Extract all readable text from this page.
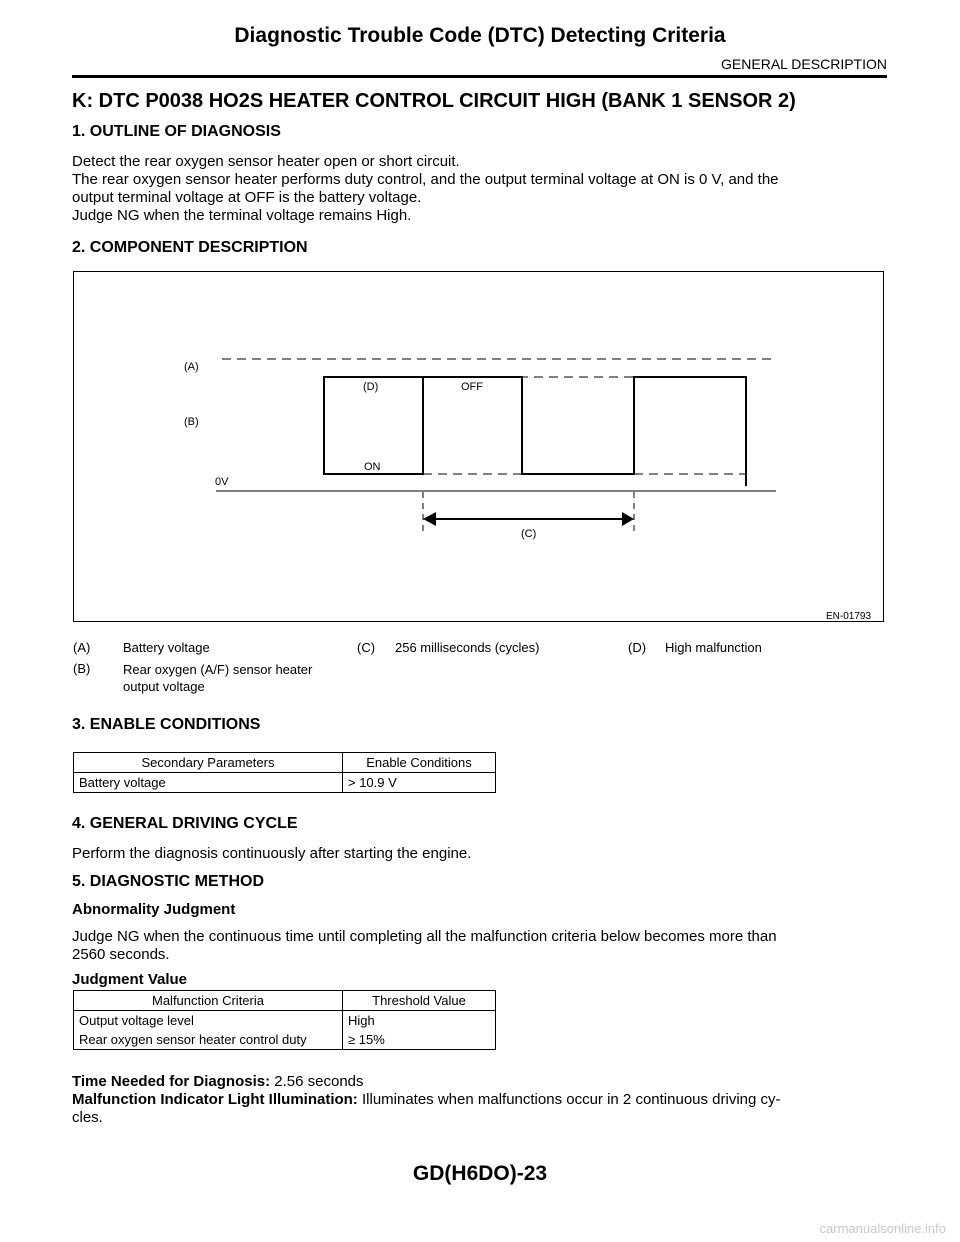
Diagnostic Trouble Code (DTC) Detecting Criteria
GENERAL DESCRIPTION
K: DTC P0038 HO2S HEATER CONTROL CIRCUIT HIGH (BANK 1 SENSOR 2)
1. OUTLINE OF DIAGNOSIS
Detect the rear oxygen sensor heater open or short circuit.
The rear oxygen sensor heater performs duty control, and the output terminal voltage at ON is 0 V, and the
output terminal voltage at OFF is the battery voltage.
Judge NG when the terminal voltage remains High.
2. COMPONENT DESCRIPTION
(A)
(B)
0V
(D)	OFF
ON
(C)
EN-01793
(A)	Battery voltage
(B)	Rear oxygen (A/F) sensor heater
output voltage
(C) 256 milliseconds (cycles)	(D) High malfunction
3. ENABLE CONDITIONS
Secondary Parameters	Enable Conditions
Battery voltage	> 10.9 V
4. GENERAL DRIVING CYCLE
Perform the diagnosis continuously after starting the engine.
5. DIAGNOSTIC METHOD
Abnormality Judgment
Judge NG when the continuous time until completing all the malfunction criteria below becomes more than
2560 seconds.
Judgment Value
Malfunction Criteria	Threshold Value
Output voltage level	High
Rear oxygen sensor heater control duty	≥ 15%
Time Needed for Diagnosis: 2.56 seconds
Malfunction Indicator Light Illumination: Illuminates when malfunctions occur in 2 continuous driving cy-
cles.
GD(H6DO)-23
carmanualsonline.info
